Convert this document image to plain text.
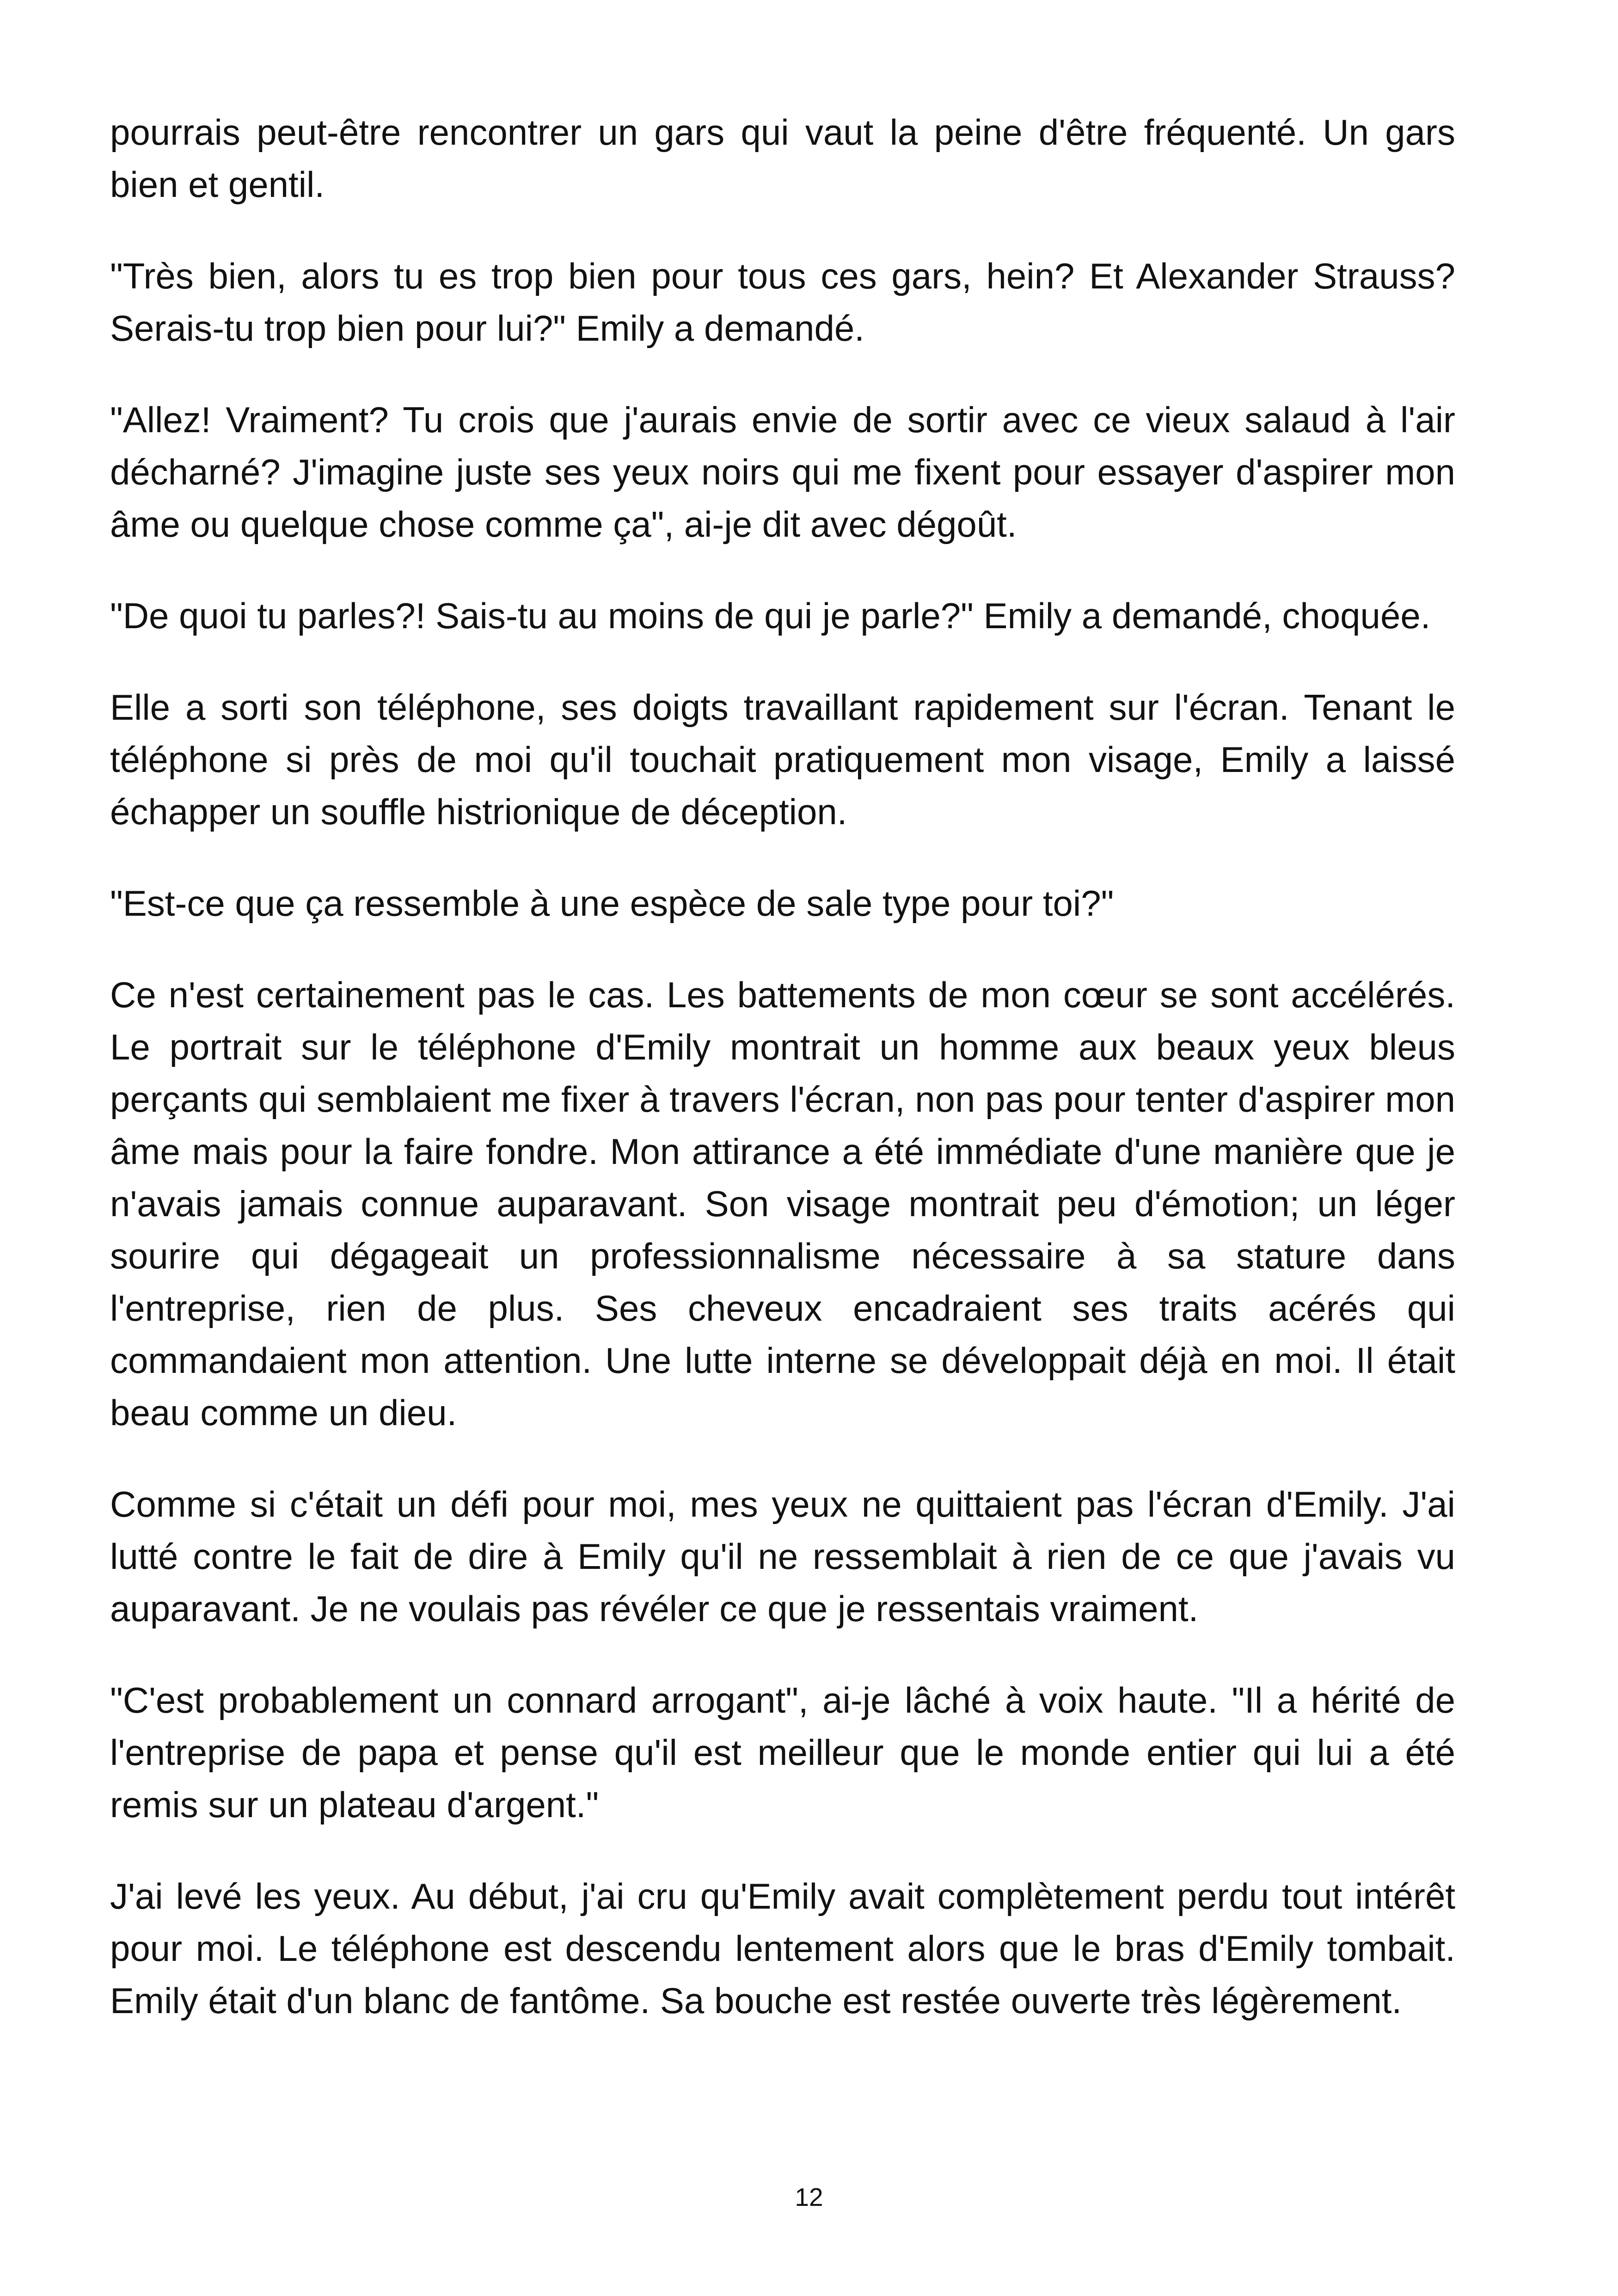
pourrais peut-être rencontrer un gars qui vaut la peine d'être fréquenté. Un gars bien et gentil.

"Très bien, alors tu es trop bien pour tous ces gars, hein? Et Alexander Strauss? Serais-tu trop bien pour lui?" Emily a demandé.

"Allez! Vraiment? Tu crois que j'aurais envie de sortir avec ce vieux salaud à l'air décharné? J'imagine juste ses yeux noirs qui me fixent pour essayer d'aspirer mon âme ou quelque chose comme ça", ai-je dit avec dégoût.

"De quoi tu parles?! Sais-tu au moins de qui je parle?" Emily a demandé, choquée.

Elle a sorti son téléphone, ses doigts travaillant rapidement sur l'écran. Tenant le téléphone si près de moi qu'il touchait pratiquement mon visage, Emily a laissé échapper un souffle histrionique de déception.

"Est-ce que ça ressemble à une espèce de sale type pour toi?"

Ce n'est certainement pas le cas. Les battements de mon cœur se sont accélérés. Le portrait sur le téléphone d'Emily montrait un homme aux beaux yeux bleus perçants qui semblaient me fixer à travers l'écran, non pas pour tenter d'aspirer mon âme mais pour la faire fondre. Mon attirance a été immédiate d'une manière que je n'avais jamais connue auparavant. Son visage montrait peu d'émotion; un léger sourire qui dégageait un professionnalisme nécessaire à sa stature dans l'entreprise, rien de plus. Ses cheveux encadraient ses traits acérés qui commandaient mon attention. Une lutte interne se développait déjà en moi. Il était beau comme un dieu.

Comme si c'était un défi pour moi, mes yeux ne quittaient pas l'écran d'Emily. J'ai lutté contre le fait de dire à Emily qu'il ne ressemblait à rien de ce que j'avais vu auparavant. Je ne voulais pas révéler ce que je ressentais vraiment.

"C'est probablement un connard arrogant", ai-je lâché à voix haute. "Il a hérité de l'entreprise de papa et pense qu'il est meilleur que le monde entier qui lui a été remis sur un plateau d'argent."

J'ai levé les yeux. Au début, j'ai cru qu'Emily avait complètement perdu tout intérêt pour moi. Le téléphone est descendu lentement alors que le bras d'Emily tombait. Emily était d'un blanc de fantôme. Sa bouche est restée ouverte très légèrement.

12
